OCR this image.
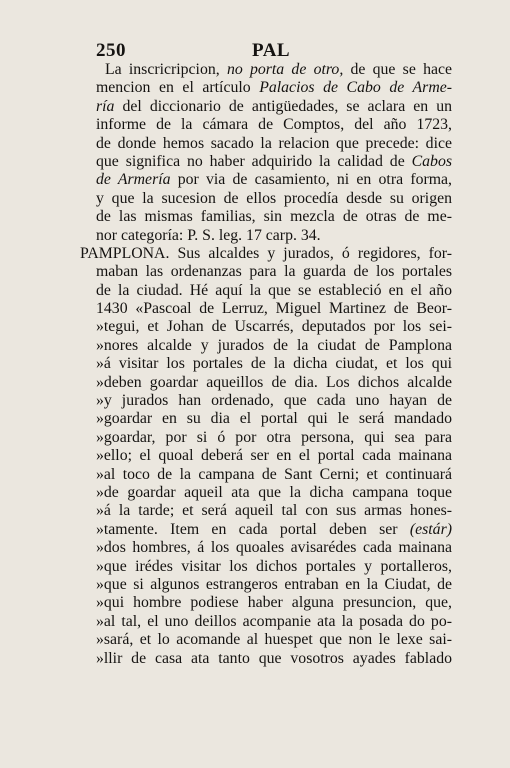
250	PAL
La inscricripcion, no porta de otro, de que se hace
mencion en el artículo Palacios de Cabo de Arme-
ría del diccionario de antigüedades, se aclara en un
informe de la cámara de Comptos, del año 1723,
de donde hemos sacado la relacion que precede: dice
que significa no haber adquirido la calidad de Cabos
de Armería por via de casamiento, ni en otra forma,
y que la sucesion de ellos procedía desde su origen
de las mismas familias, sin mezcla de otras de me-
nor categoría: P. S. leg. 17 carp. 34.
PAMPLONA. Sus alcaldes y jurados, ó regidores, for-
maban las ordenanzas para la guarda de los portales
de la ciudad. Hé aquí la que se estableció en el año
1430 «Pascoal de Lerruz, Miguel Martinez de Beor-
»tegui, et Johan de Uscarrés, deputados por los sei-
»nores alcalde y jurados de la ciudat de Pamplona
»á visitar los portales de la dicha ciudat, et los qui
»deben goardar aqueillos de dia. Los dichos alcalde
»y jurados han ordenado, que cada uno hayan de
»goardar en su dia el portal qui le será mandado
»goardar, por si ó por otra persona, qui sea para
»ello; el quoal deberá ser en el portal cada mainana
»al toco de la campana de Sant Cerni; et continuará
»de goardar aqueil ata que la dicha campana toque
»á la tarde; et será aqueil tal con sus armas hones-
»tamente. Item en cada portal deben ser (estár)
»dos hombres, á los quoales avisarédes cada mainana
»que irédes visitar los dichos portales y portalleros,
»que si algunos estrangeros entraban en la Ciudat, de
»qui hombre podiese haber alguna presuncion, que,
»al tal, el uno deillos acompanie ata la posada do po-
»sará, et lo acomande al huespet que non le lexe sai-
»llir de casa ata tanto que vosotros ayades fablado
